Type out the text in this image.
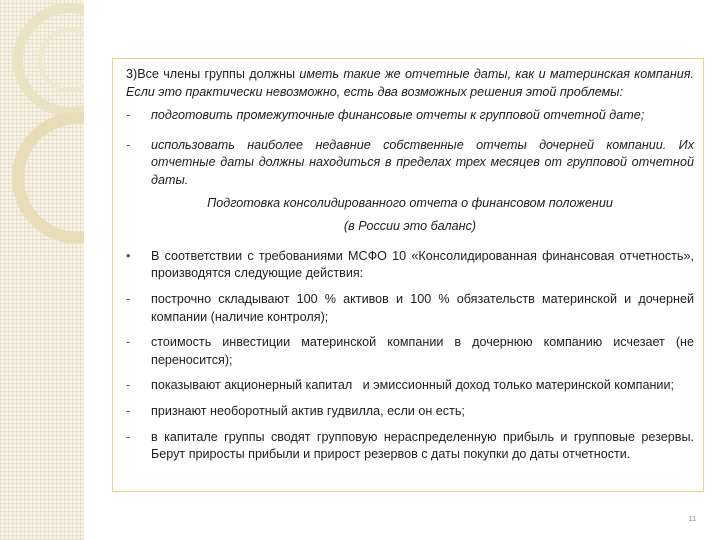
3)Все члены группы должны иметь такие же отчетные даты, как и материнская компания. Если это практически невозможно, есть два возможных решения этой проблемы:
-	подготовить промежуточные финансовые отчеты к групповой отчетной дате;
-	использовать наиболее недавние собственные отчеты дочерней компании. Их отчетные даты должны находиться в пределах трех месяцев от групповой отчетной даты.
Подготовка консолидированного отчета о финансовом положении
(в России это баланс)
•	В соответствии с требованиями МСФО 10 «Консолидированная финансовая отчетность», производятся следующие действия:
-	построчно складывают 100 % активов и 100 % обязательств материнской и дочерней компании (наличие контроля);
-	стоимость инвестиции материнской компании в дочернюю компанию исчезает (не переносится);
-	показывают акционерный капитал   и эмиссионный доход только материнской компании;
-	признают необоротный актив гудвилла, если он есть;
-	в капитале группы сводят групповую нераспределенную прибыль и групповые резервы. Берут приросты прибыли и прирост резервов с даты покупки до даты отчетности.
11
